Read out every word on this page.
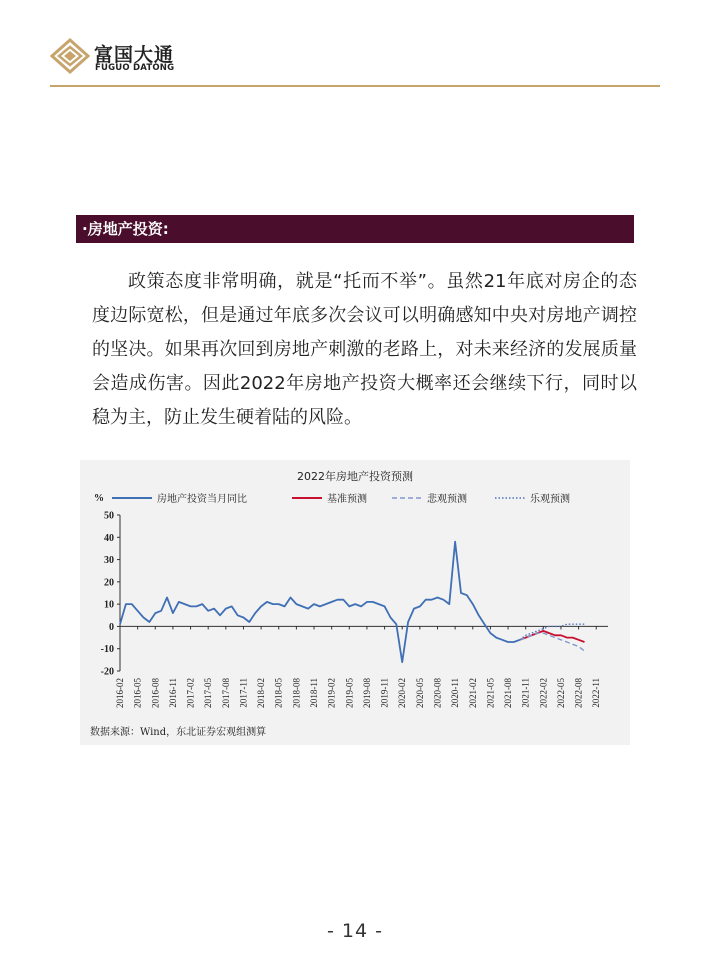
富国大通
FUGUO DATONG
·房地产投资:

政策态度非常明确，就是“托而不举”。虽然21年底对房企的态度边际宽松，但是通过年底多次会议可以明确感知中央对房地产调控的坚决。如果再次回到房地产刺激的老路上，对未来经济的发展质量会造成伤害。因此2022年房地产投资大概率还会继续下行，同时以稳为主，防止发生硬着陆的风险。

2022年房地产投资预测
%	房地产投资当月同比	基准预测	悲观预测	乐观预测
50
40
30
20
10
0
-10
-20
2016-02 2016-05 2016-08 2016-11 2017-02 2017-05 2017-08 2017-11 2018-02 2018-05 2018-08 2018-11 2019-02 2019-05 2019-08 2019-11 2020-02 2020-05 2020-08 2020-11 2021-02 2021-05 2021-08 2021-11 2022-02 2022-05 2022-08 2022-11
数据来源：Wind，东北证券宏观组测算
- 14 -
